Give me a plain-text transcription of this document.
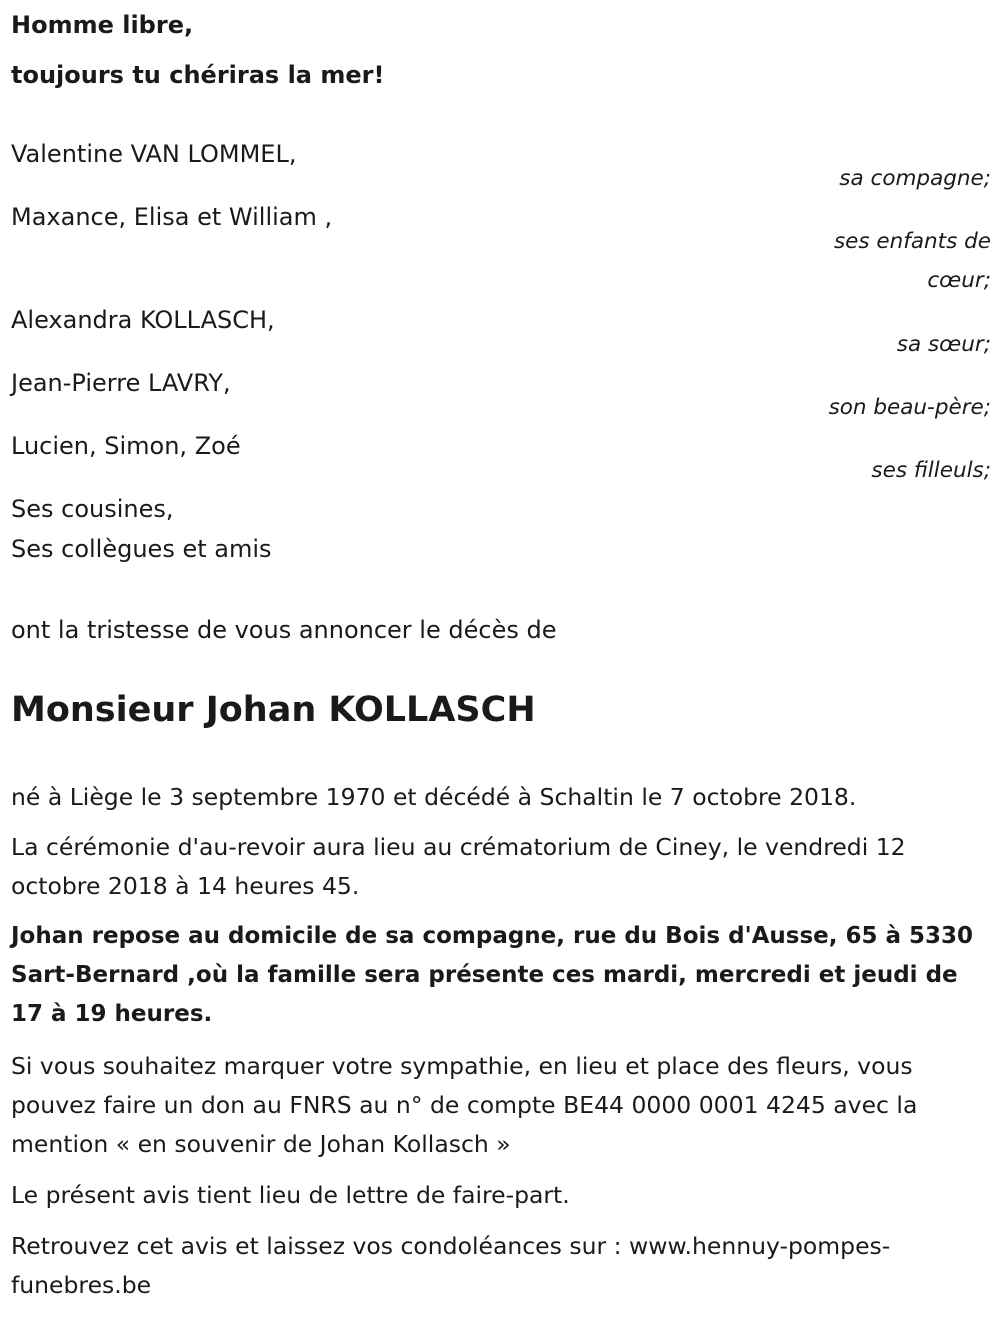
Homme libre,
toujours tu chériras la mer!
Valentine VAN LOMMEL,
sa compagne;
Maxance, Elisa et William ,
ses enfants de
cœur;
Alexandra KOLLASCH,
sa sœur;
Jean-Pierre LAVRY,
son beau-père;
Lucien, Simon, Zoé
ses filleuls;
Ses cousines,
Ses collègues et amis
ont la tristesse de vous annoncer le décès de
Monsieur Johan KOLLASCH
né à Liège le 3 septembre 1970 et décédé à Schaltin le 7 octobre 2018.
La cérémonie d'au-revoir aura lieu au crématorium de Ciney, le vendredi 12 octobre 2018 à 14 heures 45.
Johan repose au domicile de sa compagne, rue du Bois d'Ausse, 65 à 5330 Sart-Bernard ,où la famille sera présente ces mardi, mercredi et jeudi de 17 à 19 heures.
Si vous souhaitez marquer votre sympathie, en lieu et place des fleurs, vous pouvez faire un don au FNRS au n° de compte BE44 0000 0001 4245 avec la mention « en souvenir de Johan Kollasch »
Le présent avis tient lieu de lettre de faire-part.
Retrouvez cet avis et laissez vos condoléances sur : www.hennuy-pompes-funebres.be
